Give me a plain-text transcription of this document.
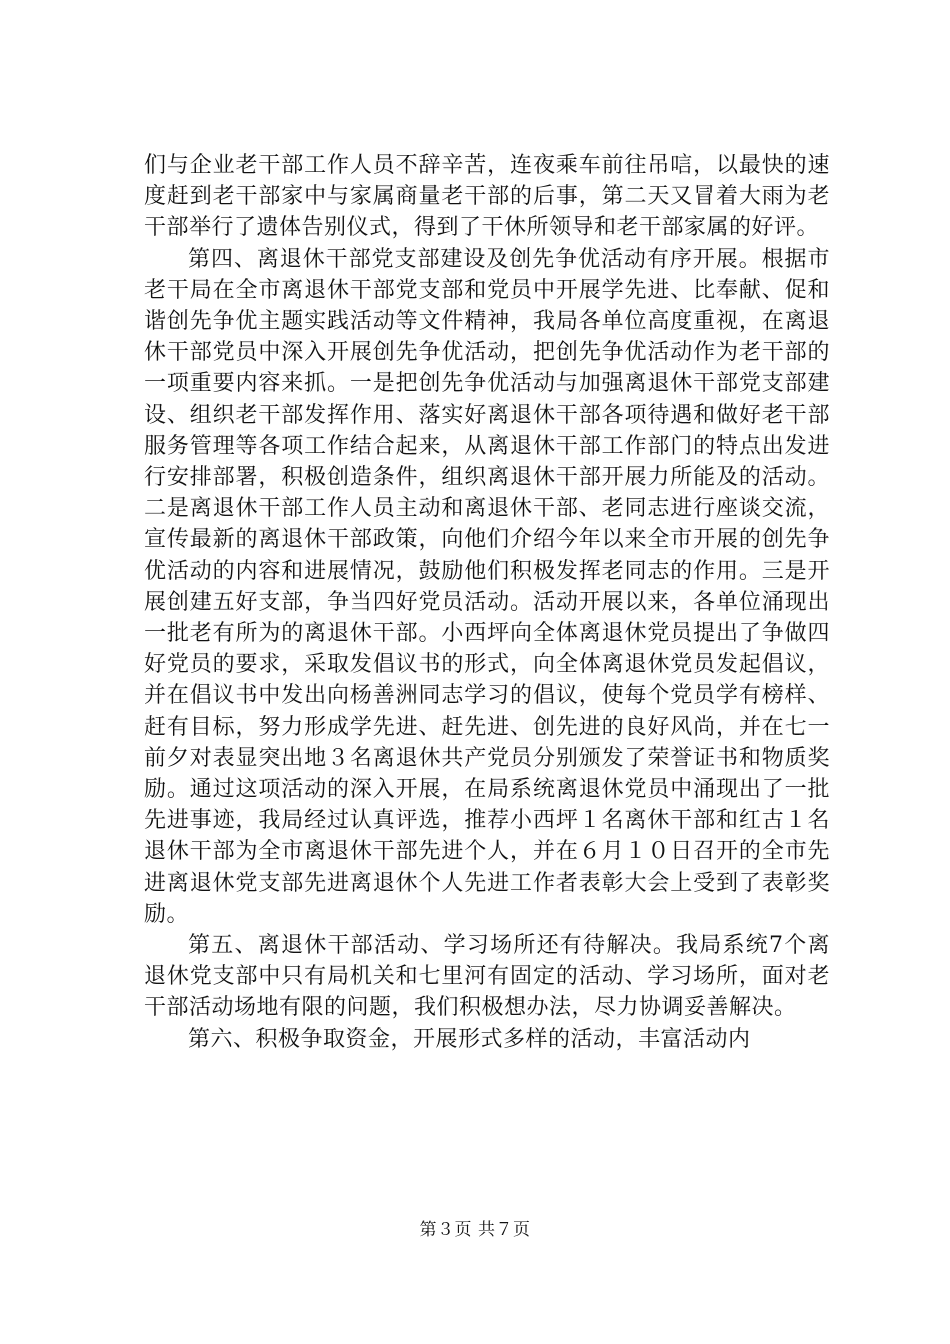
们与企业老干部工作人员不辞辛苦，连夜乘车前往吊唁，以最快的速度赶到老干部家中与家属商量老干部的后事，第二天又冒着大雨为老干部举行了遗体告别仪式，得到了干休所领导和老干部家属的好评。

第四、离退休干部党支部建设及创先争优活动有序开展。根据市老干局在全市离退休干部党支部和党员中开展学先进、比奉献、促和谐创先争优主题实践活动等文件精神，我局各单位高度重视，在离退休干部党员中深入开展创先争优活动，把创先争优活动作为老干部的一项重要内容来抓。一是把创先争优活动与加强离退休干部党支部建设、组织老干部发挥作用、落实好离退休干部各项待遇和做好老干部服务管理等各项工作结合起来，从离退休干部工作部门的特点出发进行安排部署，积极创造条件，组织离退休干部开展力所能及的活动。二是离退休干部工作人员主动和离退休干部、老同志进行座谈交流，宣传最新的离退休干部政策，向他们介绍今年以来全市开展的创先争优活动的内容和进展情况，鼓励他们积极发挥老同志的作用。三是开展创建五好支部，争当四好党员活动。活动开展以来，各单位涌现出一批老有所为的离退休干部。小西坪向全体离退休党员提出了争做四好党员的要求，采取发倡议书的形式，向全体离退休党员发起倡议，并在倡议书中发出向杨善洲同志学习的倡议，使每个党员学有榜样、赶有目标，努力形成学先进、赶先进、创先进的良好风尚，并在七一前夕对表显突出地３名离退休共产党员分别颁发了荣誉证书和物质奖励。通过这项活动的深入开展，在局系统离退休党员中涌现出了一批先进事迹，我局经过认真评选，推荐小西坪１名离休干部和红古１名退休干部为全市离退休干部先进个人，并在６月１０日召开的全市先进离退休党支部先进离退休个人先进工作者表彰大会上受到了表彰奖励。

第五、离退休干部活动、学习场所还有待解决。我局系统7个离退休党支部中只有局机关和七里河有固定的活动、学习场所，面对老干部活动场地有限的问题，我们积极想办法，尽力协调妥善解决。

第六、积极争取资金，开展形式多样的活动，丰富活动内

第３页 共７页
